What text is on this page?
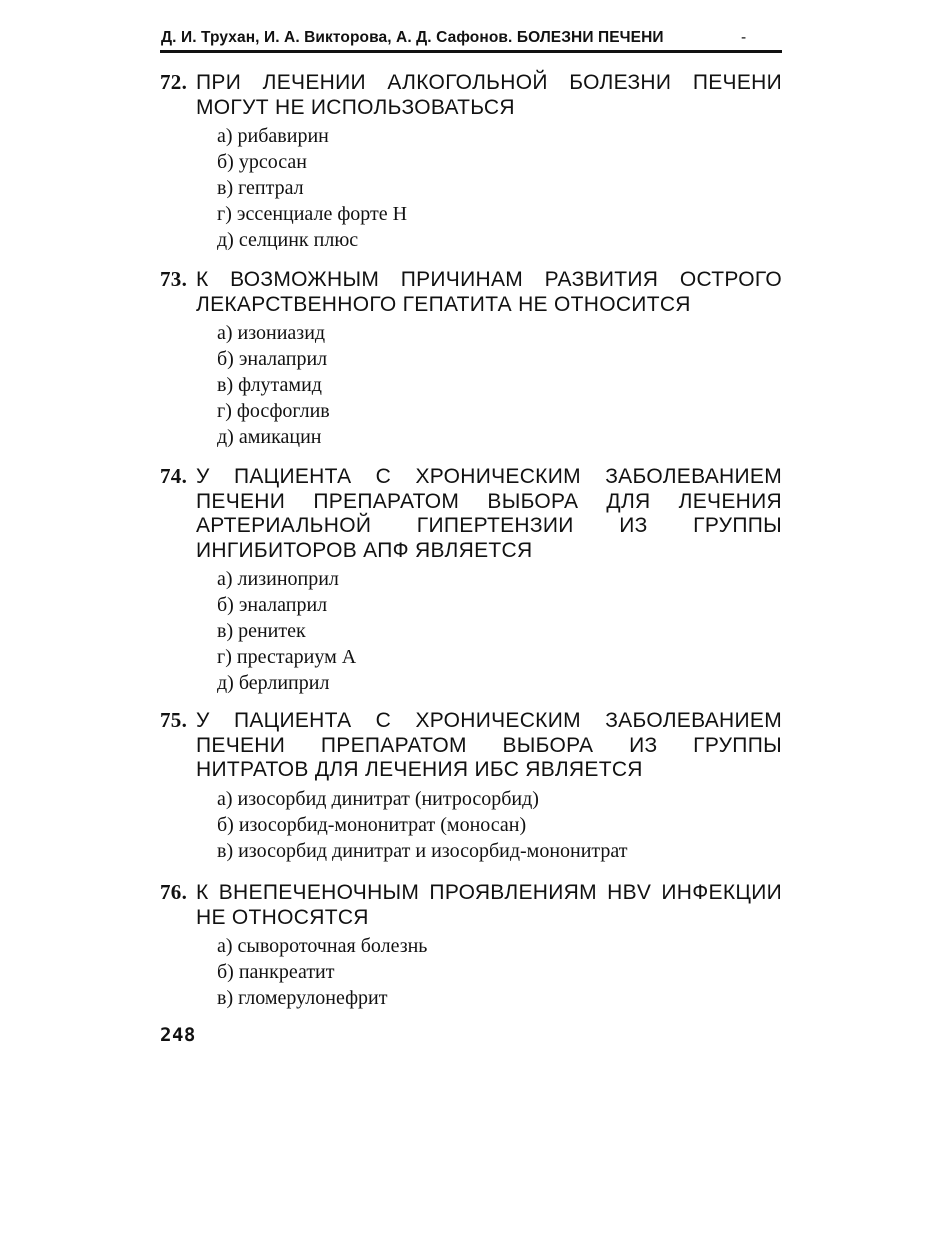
Д. И. Трухан, И. А. Викторова, А. Д. Сафонов. БОЛЕЗНИ ПЕЧЕНИ	-
72. ПРИ ЛЕЧЕНИИ АЛКОГОЛЬНОЙ БОЛЕЗНИ ПЕЧЕНИ МОГУТ НЕ ИСПОЛЬЗОВАТЬСЯ
а) рибавирин
б) урсосан
в) гептрал
г) эссенциале форте Н
д) селцинк плюс
73. К ВОЗМОЖНЫМ ПРИЧИНАМ РАЗВИТИЯ ОСТРОГО ЛЕКАРСТВЕННОГО ГЕПАТИТА НЕ ОТНОСИТСЯ
а) изониазид
б) эналаприл
в) флутамид
г) фосфоглив
д) амикацин
74. У ПАЦИЕНТА С ХРОНИЧЕСКИМ ЗАБОЛЕВАНИЕМ ПЕЧЕНИ ПРЕПАРАТОМ ВЫБОРА ДЛЯ ЛЕЧЕНИЯ АРТЕРИАЛЬНОЙ ГИПЕРТЕНЗИИ ИЗ ГРУППЫ ИНГИБИТОРОВ АПФ ЯВЛЯЕТСЯ
а) лизиноприл
б) эналаприл
в) ренитек
г) престариум А
д) берлиприл
75. У ПАЦИЕНТА С ХРОНИЧЕСКИМ ЗАБОЛЕВАНИЕМ ПЕЧЕНИ ПРЕПАРАТОМ ВЫБОРА ИЗ ГРУППЫ НИТРАТОВ ДЛЯ ЛЕЧЕНИЯ ИБС ЯВЛЯЕТСЯ
а) изосорбид динитрат (нитросорбид)
б) изосорбид-мононитрат (моносан)
в) изосорбид динитрат и изосорбид-мононитрат
76. К ВНЕПЕЧЕНОЧНЫМ ПРОЯВЛЕНИЯМ HBV ИНФЕКЦИИ НЕ ОТНОСЯТСЯ
а) сывороточная болезнь
б) панкреатит
в) гломерулонефрит
248
